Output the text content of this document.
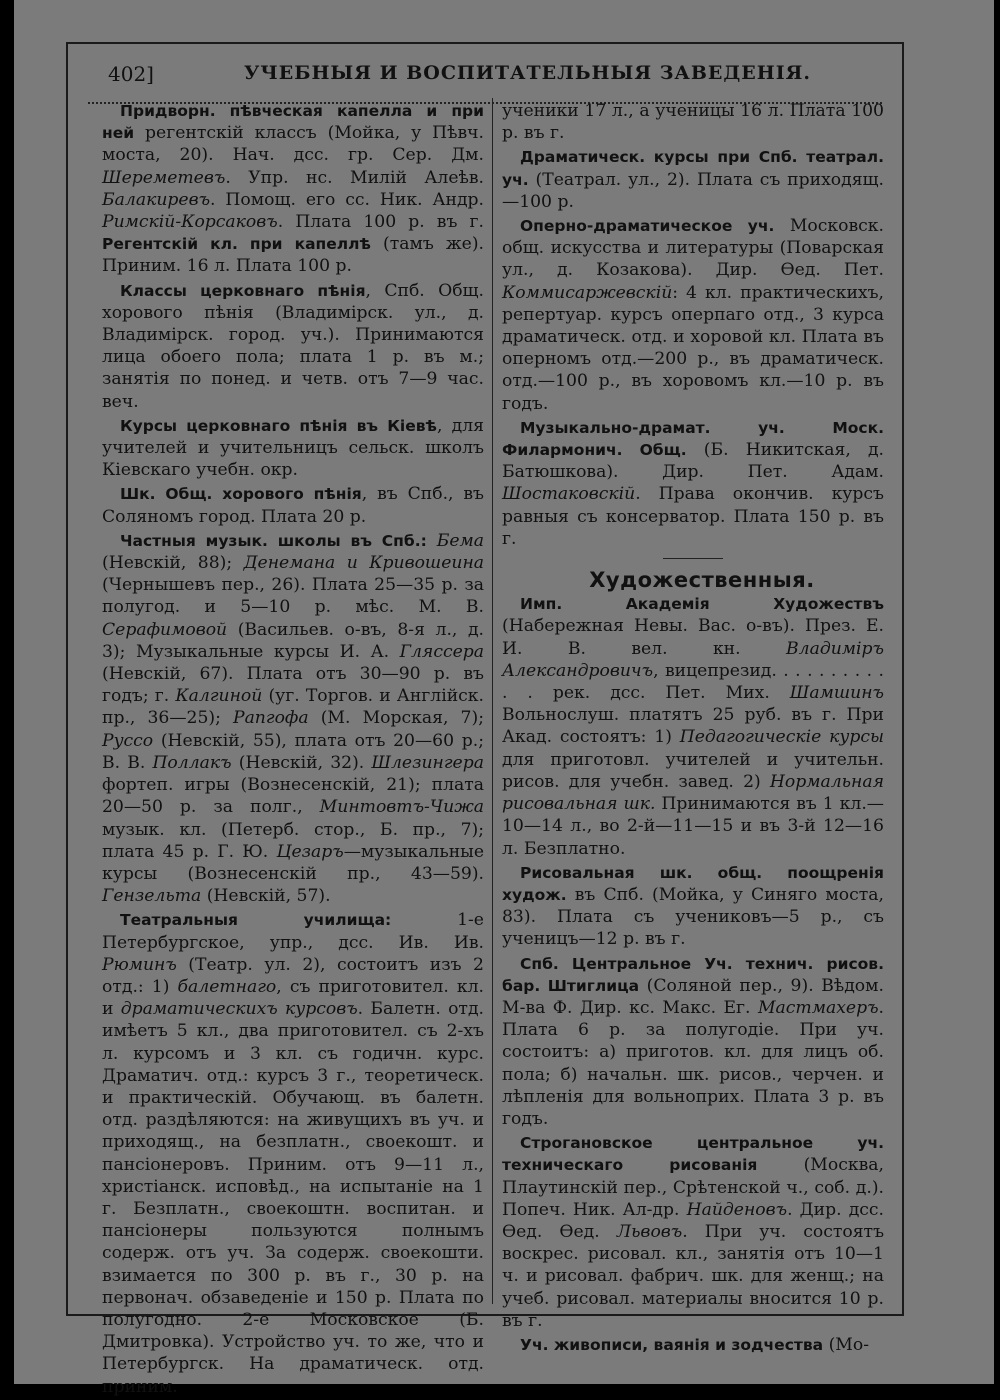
402]	УЧЕБНЫЯ И ВОСПИТАТЕЛЬНЫЯ ЗАВЕДЕНІЯ.

Придворн. пѣвческая капелла и при ней регентскій классъ (Мойка, у Пѣвч. моста, 20). Нач. дсс. гр. Сер. Дм. Шереметевъ. Упр. нс. Милій Алеѣв. Балакиревъ. Помощ. его сс. Ник. Андр. Римскій-Корсаковъ. Плата 100 р. въ г. Регентскій кл. при капеллѣ (тамъ же). Приним. 16 л. Плата 100 р.

Классы церковнаго пѣнія, Спб. Общ. хорового пѣнія (Владимірск. ул., д. Владимірск. город. уч.). Принимаются лица обоего пола; плата 1 р. въ м.; занятія по понед. и четв. отъ 7—9 час. веч.

Курсы церковнаго пѣнія въ Кіевѣ, для учителей и учительницъ сельск. школъ Кіевскаго учебн. окр.

Шк. Общ. хорового пѣнія, въ Спб., въ Соляномъ город. Плата 20 р.

Частныя музык. школы въ Спб.: Бема (Невскій, 88); Денемана и Кривошеина (Чернышевъ пер., 26). Плата 25—35 р. за полугод. и 5—10 р. мѣс. М. В. Серафимовой (Васильев. о-въ, 8-я л., д. 3); Музыкальные курсы И. А. Гляссера (Невскій, 67). Плата отъ 30—90 р. въ годъ; г. Калгиной (уг. Торгов. и Англійск. пр., 36—25); Рапгофа (М. Морская, 7); Руссо (Невскій, 55), плата отъ 20—60 р.; В. В. Поллакъ (Невскій, 32). Шлезингера фортеп. игры (Вознесенскій, 21); плата 20—50 р. за полг., Минтовтъ-Чижа музык. кл. (Петерб. стор., Б. пр., 7); плата 45 р. Г. Ю. Цезаръ—музыкальные курсы (Вознесенскій пр., 43—59). Гензельта (Невскій, 57).

Театральныя училища: 1-е Петербургское, упр., дсс. Ив. Ив. Рюминъ (Театр. ул. 2), состоитъ изъ 2 отд.: 1) балетнаго, съ приготовител. кл. и драматическихъ курсовъ. Балетн. отд. имѣетъ 5 кл., два приготовител. съ 2-хъ л. курсомъ и 3 кл. съ годичн. курс. Драматич. отд.: курсъ 3 г., теоретическ. и практическій. Обучающ. въ балетн. отд. раздѣляются: на живущихъ въ уч. и приходящ., на безплатн., своекошт. и пансіонеровъ. Приним. отъ 9—11 л., христіанск. исповѣд., на испытаніе на 1 г. Безплатн., своекоштн. воспитан. и пансіонеры пользуются полнымъ содерж. отъ уч. За содерж. своекошти. взимается по 300 р. въ г., 30 р. на первонач. обзаведеніе и 150 р. Плата по полугодно. 2-е Московское (Б. Дмитровка). Устройство уч. то же, что и Петербургск. На драматическ. отд. приним.

ученики 17 л., а ученицы 16 л. Плата 100 р. въ г.

Драматическ. курсы при Спб. театрал. уч. (Театрал. ул., 2). Плата съ приходящ.—100 р.

Оперно-драматическое уч. Московск. общ. искусства и литературы (Поварская ул., д. Козакова). Дир. Ѳед. Пет. Коммисаржевскій: 4 кл. практическихъ, репертуар. курсъ оперпаго отд., 3 курса драматическ. отд. и хоровой кл. Плата въ оперномъ отд.—200 р., въ драматическ. отд.—100 р., въ хоровомъ кл.—10 р. въ годъ.

Музыкально-драмат. уч. Моск. Филармонич. Общ. (Б. Никитская, д. Батюшкова). Дир. Пет. Адам. Шостаковскій. Права окончив. курсъ равныя съ консерватор. Плата 150 р. въ г.

Художественныя.

Имп. Академія Художествъ (Набережная Невы. Вас. о-въ). През. Е. И. В. вел. кн. Владиміръ Александровичъ, вицепрезид. . . . . . . . . . . . рек. дсс. Пет. Мих. Шамшинъ Вольнослуш. платятъ 25 руб. въ г. При Акад. состоятъ: 1) Педагогическіе курсы для приготовл. учителей и учительн. рисов. для учебн. завед. 2) Нормальная рисовальная шк. Принимаются въ 1 кл.—10—14 л., во 2-й—11—15 и въ 3-й 12—16 л. Безплатно.

Рисовальная шк. общ. поощренія худож. въ Спб. (Мойка, у Синяго моста, 83). Плата съ учениковъ—5 р., съ ученицъ—12 р. въ г.

Спб. Центральное Уч. технич. рисов. бар. Штиглица (Соляной пер., 9). Вѣдом. М-ва Ф. Дир. кс. Макс. Ег. Мастмахеръ. Плата 6 р. за полугодіе. При уч. состоитъ: а) приготов. кл. для лицъ об. пола; б) начальн. шк. рисов., черчен. и лѣпленія для вольноприх. Плата 3 р. въ годъ.

Строгановское центральное уч. техническаго рисованія (Москва, Плаутинскій пер., Срѣтенской ч., соб. д.). Попеч. Ник. Ал-др. Найденовъ. Дир. дсс. Ѳед. Ѳед. Львовъ. При уч. состоятъ воскрес. рисовал. кл., занятія отъ 10—1 ч. и рисовал. фабрич. шк. для женщ.; на учеб. рисовал. материалы вносится 10 р. въ г.

Уч. живописи, ваянія и зодчества (Мо-
